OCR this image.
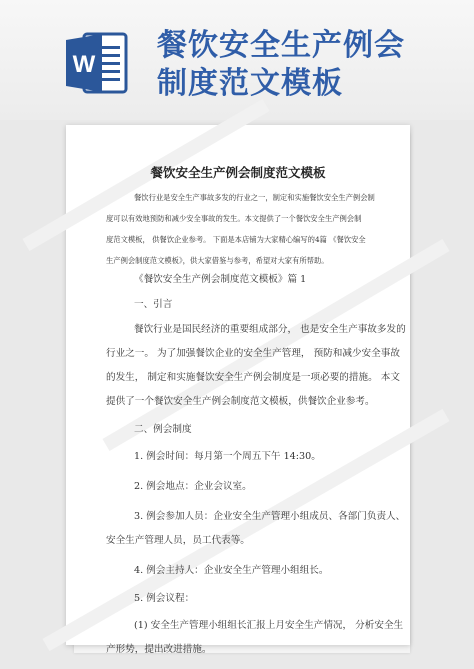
W
餐饮安全生产例会
制度范文模板
餐饮安全生产例会制度范文模板
餐饮行业是安全生产事故多发的行业之一，制定和实施餐饮安全生产例会制
度可以有效地预防和减少安全事故的发生。本文提供了一个餐饮安全生产例会制
度范文模板， 供餐饮企业参考。 下面是本店铺为大家精心编写的4篇 《餐饮安全
生产例会制度范文模板》，供大家借鉴与参考，希望对大家有所帮助。
《餐饮安全生产例会制度范文模板》篇 1
一、引言
餐饮行业是国民经济的重要组成部分， 也是安全生产事故多发的
行业之一。 为了加强餐饮企业的安全生产管理， 预防和减少安全事故
的发生， 制定和实施餐饮安全生产例会制度是一项必要的措施。 本文
提供了一个餐饮安全生产例会制度范文模板，供餐饮企业参考。
二、例会制度
1. 例会时间：每月第一个周五下午 14:30。
2. 例会地点：企业会议室。
3. 例会参加人员：企业安全生产管理小组成员、各部门负责人、
安全生产管理人员，员工代表等。
4. 例会主持人：企业安全生产管理小组组长。
5. 例会议程：
(1) 安全生产管理小组组长汇报上月安全生产情况， 分析安全生
产形势，提出改进措施。
